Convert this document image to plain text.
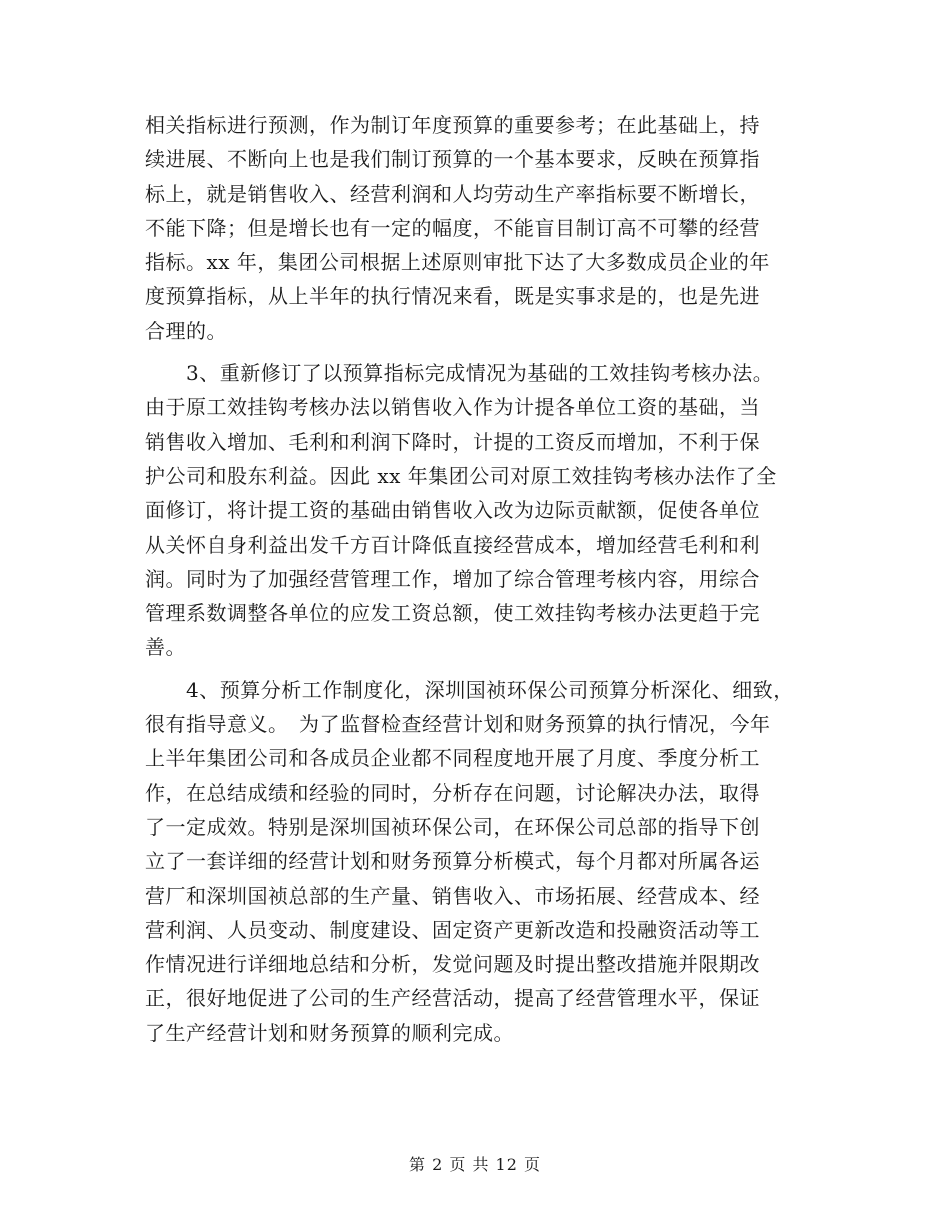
相关指标进行预测，作为制订年度预算的重要参考；在此基础上，持
续进展、不断向上也是我们制订预算的一个基本要求，反映在预算指
标上，就是销售收入、经营利润和人均劳动生产率指标要不断增长，
不能下降；但是增长也有一定的幅度，不能盲目制订高不可攀的经营
指标。xx 年，集团公司根据上述原则审批下达了大多数成员企业的年
度预算指标，从上半年的执行情况来看，既是实事求是的，也是先进
合理的。
　　3、重新修订了以预算指标完成情况为基础的工效挂钩考核办法。
由于原工效挂钩考核办法以销售收入作为计提各单位工资的基础，当
销售收入增加、毛利和利润下降时，计提的工资反而增加，不利于保
护公司和股东利益。因此 xx 年集团公司对原工效挂钩考核办法作了全
面修订，将计提工资的基础由销售收入改为边际贡献额，促使各单位
从关怀自身利益出发千方百计降低直接经营成本，增加经营毛利和利
润。同时为了加强经营管理工作，增加了综合管理考核内容，用综合
管理系数调整各单位的应发工资总额，使工效挂钩考核办法更趋于完
善。
　　4、预算分析工作制度化，深圳国祯环保公司预算分析深化、细致，
很有指导意义。　为了监督检查经营计划和财务预算的执行情况，今年
上半年集团公司和各成员企业都不同程度地开展了月度、季度分析工
作，在总结成绩和经验的同时，分析存在问题，讨论解决办法，取得
了一定成效。特别是深圳国祯环保公司，在环保公司总部的指导下创
立了一套详细的经营计划和财务预算分析模式，每个月都对所属各运
营厂和深圳国祯总部的生产量、销售收入、市场拓展、经营成本、经
营利润、人员变动、制度建设、固定资产更新改造和投融资活动等工
作情况进行详细地总结和分析，发觉问题及时提出整改措施并限期改
正，很好地促进了公司的生产经营活动，提高了经营管理水平，保证
了生产经营计划和财务预算的顺利完成。
第 2 页 共 12 页
